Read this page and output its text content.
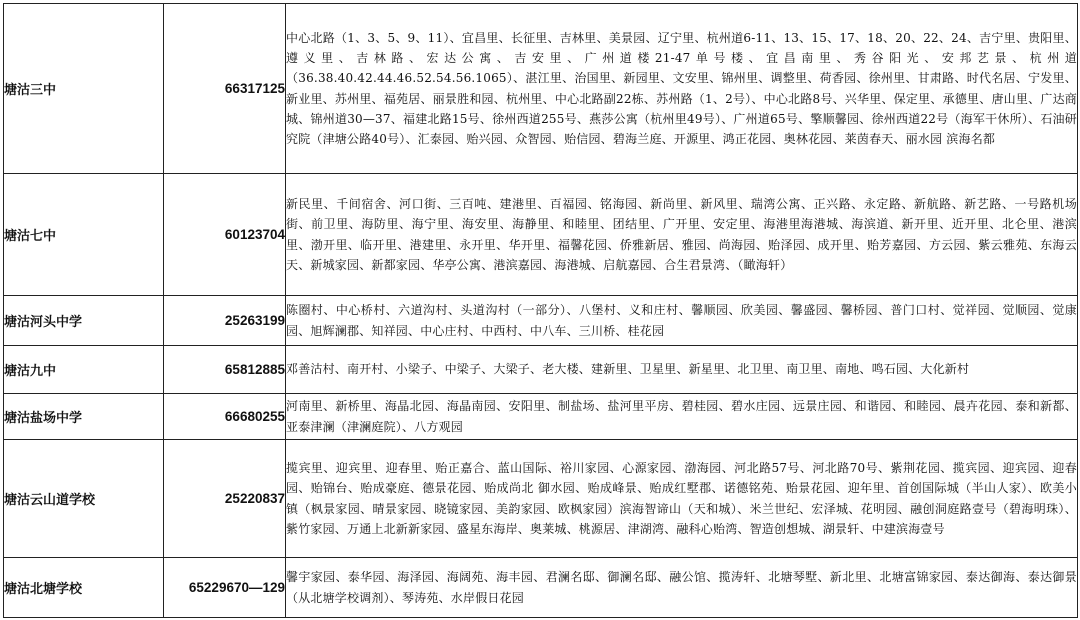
塘沽三中	66317125	中心北路（1、3、5、9、11）、宜昌里、长征里、吉林里、美景园、辽宁里、杭州道6-11、13、15、17、18、20、22、24、吉宁里、贵阳里、遵义里、吉林路、宏达公寓、吉安里、广州道楼21-47单号楼、宜昌南里、秀谷阳光、安邦艺景、杭州道（36.38.40.42.44.46.52.54.56.1065）、湛江里、治国里、新园里、文安里、锦州里、调整里、荷香园、徐州里、甘肃路、时代名居、宁发里、新业里、苏州里、福苑居、丽景胜和园、杭州里、中心北路副22栋、苏州路（1、2号）、中心北路8号、兴华里、保定里、承德里、唐山里、广达商城、锦州道30—37、福建北路15号、徐州西道255号、燕莎公寓（杭州里49号）、广州道65号、擎顺馨园、徐州西道22号（海军干休所）、石油研究院（津塘公路40号）、汇泰园、贻兴园、众智园、贻信园、碧海兰庭、开源里、鸿正花园、奥林花园、莱茵春天、丽水园 滨海名都
塘沽七中	60123704	新民里、千间宿舍、河口街、三百吨、建港里、百福园、铭海园、新尚里、新风里、瑞湾公寓、正兴路、永定路、新航路、新艺路、一号路机场街、前卫里、海防里、海宁里、海安里、海静里、和睦里、团结里、广开里、安定里、海港里海港城、海滨道、新开里、近开里、北仑里、港滨里、渤开里、临开里、港建里、永开里、华开里、福馨花园、侨雅新居、雅园、尚海园、贻泽园、成开里、贻芳嘉园、方云园、紫云雅苑、东海云天、新城家园、新都家园、华亭公寓、港滨嘉园、海港城、启航嘉园、合生君景湾、（瞰海轩）
塘沽河头中学	25263199	陈圈村、中心桥村、六道沟村、头道沟村（一部分）、八堡村、义和庄村、馨顺园、欣美园、馨盛园、馨桥园、普门口村、觉祥园、觉顺园、觉康园、旭辉澜郡、知祥园、中心庄村、中西村、中八车、三川桥、桂花园
塘沽九中	65812885	邓善沽村、南开村、小梁子、中梁子、大梁子、老大楼、建新里、卫星里、新星里、北卫里、南卫里、南地、鸣石园、大化新村
塘沽盐场中学	66680255	河南里、新桥里、海晶北园、海晶南园、安阳里、制盐场、盐河里平房、碧桂园、碧水庄园、远景庄园、和谐园、和睦园、晨卉花园、泰和新都、亚泰津澜（津澜庭院）、八方观园
塘沽云山道学校	25220837	揽宾里、迎宾里、迎春里、贻正嘉合、蓝山国际、裕川家园、心源家园、渤海园、河北路57号、河北路70号、紫荆花园、揽宾园、迎宾园、迎春园、贻锦台、贻成豪庭、德景花园、贻成尚北 御水园、贻成峰景、贻成红墅郡、诺德铭苑、贻景花园、迎年里、首创国际城（半山人家）、欧美小镇（枫景家园、晴景家园、晓镜家园、美韵家园、欧枫家园）滨海智谛山（天和城）、米兰世纪、宏泽城、花明园、融创洞庭路壹号（碧海明珠）、紫竹家园、万通上北新新家园、盛星东海岸、奥莱城、桃源居、津湖湾、融科心贻湾、智造创想城、湖景轩、中建滨海壹号
塘沽北塘学校	65229670—129	馨宇家园、泰华园、海泽园、海阔苑、海丰园、君澜名邸、御澜名邸、融公馆、揽涛轩、北塘琴墅、新北里、北塘富锦家园、泰达御海、泰达御景（从北塘学校调剂）、琴涛苑、水岸假日花园
